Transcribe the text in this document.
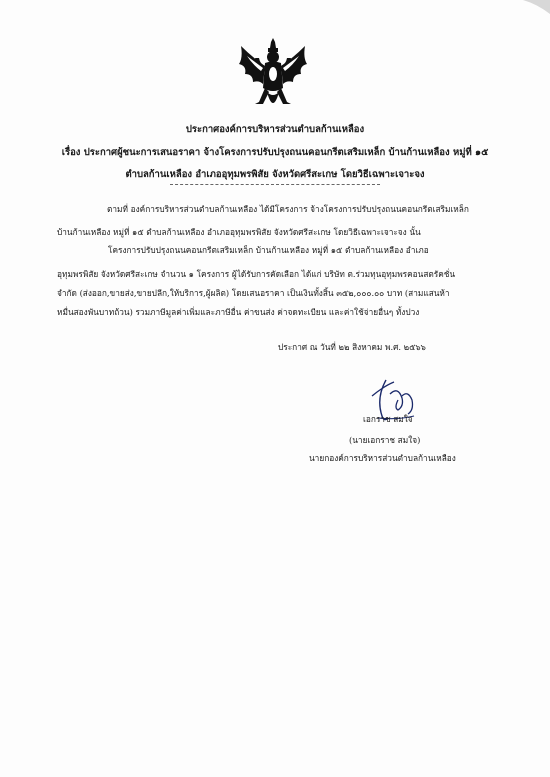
ประกาศองค์การบริหารส่วนตำบลก้านเหลือง
เรื่อง ประกาศผู้ชนะการเสนอราคา จ้างโครงการปรับปรุงถนนคอนกรีตเสริมเหล็ก บ้านก้านเหลือง หมู่ที่ ๑๕
ตำบลก้านเหลือง อำเภออุทุมพรพิสัย จังหวัดศรีสะเกษ โดยวิธีเฉพาะเจาะจง
ตามที่ องค์การบริหารส่วนตำบลก้านเหลือง ได้มีโครงการ จ้างโครงการปรับปรุงถนนคอนกรีตเสริมเหล็ก
บ้านก้านเหลือง หมู่ที่ ๑๕ ตำบลก้านเหลือง อำเภออุทุมพรพิสัย จังหวัดศรีสะเกษ โดยวิธีเฉพาะเจาะจง นั้น
โครงการปรับปรุงถนนคอนกรีตเสริมเหล็ก บ้านก้านเหลือง หมู่ที่ ๑๕ ตำบลก้านเหลือง อำเภอ
อุทุมพรพิสัย จังหวัดศรีสะเกษ จำนวน ๑ โครงการ ผู้ได้รับการคัดเลือก ได้แก่ บริษัท ต.ร่วมทุนอุทุมพรคอนสตรัคชั่น
จำกัด (ส่งออก,ขายส่ง,ขายปลีก,ให้บริการ,ผู้ผลิต) โดยเสนอราคา เป็นเงินทั้งสิ้น ๓๕๒,๐๐๐.๐๐ บาท (สามแสนห้า
หมื่นสองพันบาทถ้วน) รวมภาษีมูลค่าเพิ่มและภาษีอื่น ค่าขนส่ง ค่าจดทะเบียน และค่าใช้จ่ายอื่นๆ ทั้งปวง
ประกาศ ณ วันที่ ๒๒ สิงหาคม พ.ศ. ๒๕๖๖
เอกราช สมใจ
(นายเอกราช สมใจ)
นายกองค์การบริหารส่วนตำบลก้านเหลือง
